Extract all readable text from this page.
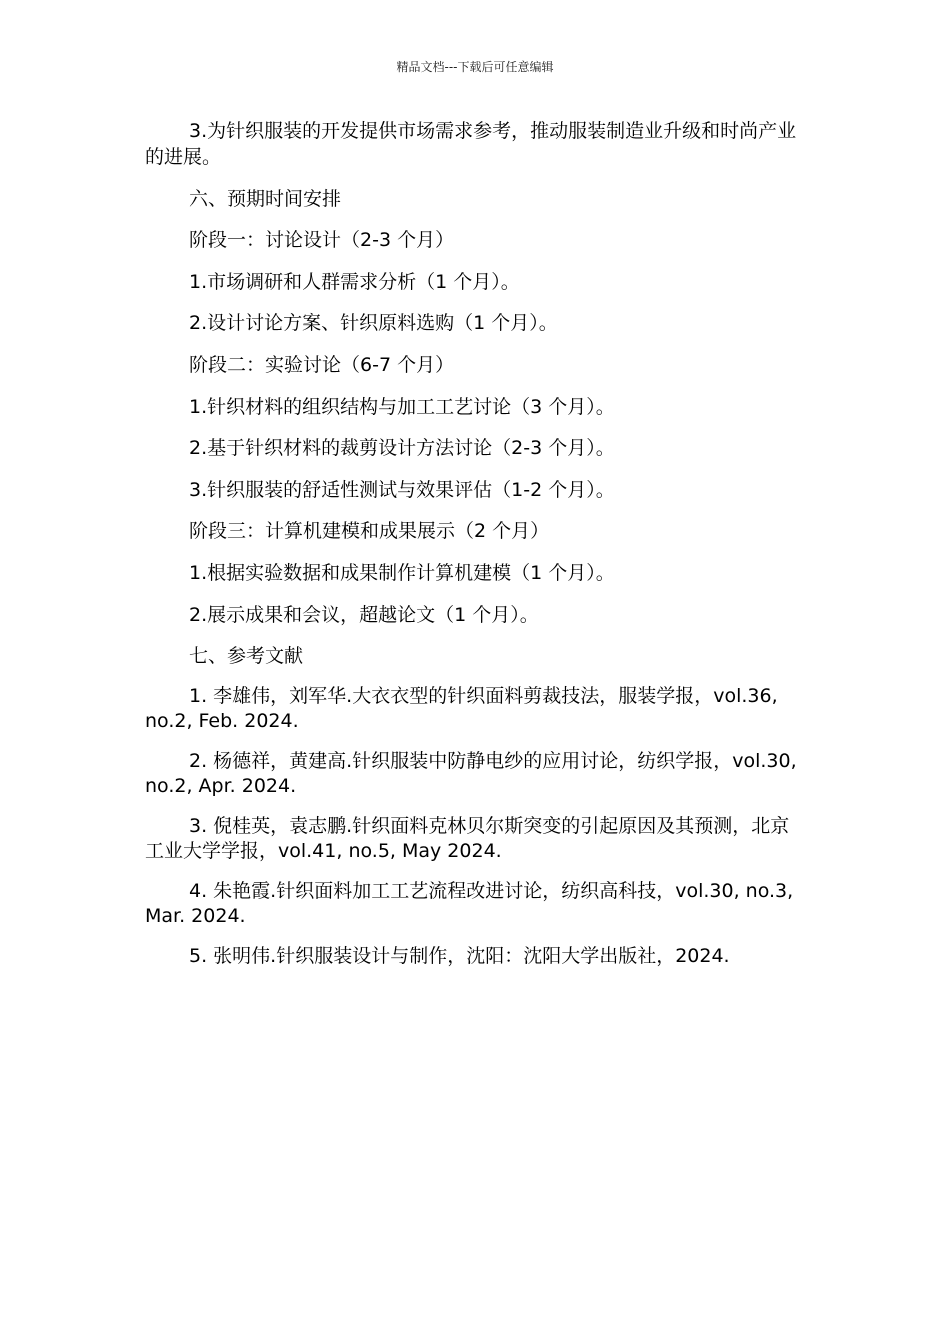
精品文档---下载后可任意编辑

3.为针织服装的开发提供市场需求参考，推动服装制造业升级和时尚产业的进展。

六、预期时间安排

阶段一：讨论设计（2-3 个月）

1.市场调研和人群需求分析（1 个月）。

2.设计讨论方案、针织原料选购（1 个月）。

阶段二：实验讨论（6-7 个月）

1.针织材料的组织结构与加工工艺讨论（3 个月）。

2.基于针织材料的裁剪设计方法讨论（2-3 个月）。

3.针织服装的舒适性测试与效果评估（1-2 个月）。

阶段三：计算机建模和成果展示（2 个月）

1.根据实验数据和成果制作计算机建模（1 个月）。

2.展示成果和会议，超越论文（1 个月）。

七、参考文献

1. 李雄伟，刘军华.大衣衣型的针织面料剪裁技法，服装学报，vol.36, no.2, Feb. 2024.

2. 杨德祥，黄建高.针织服装中防静电纱的应用讨论，纺织学报，vol.30, no.2, Apr. 2024.

3. 倪桂英，袁志鹏.针织面料克林贝尔斯突变的引起原因及其预测，北京工业大学学报，vol.41, no.5, May 2024.

4. 朱艳霞.针织面料加工工艺流程改进讨论，纺织高科技，vol.30, no.3, Mar. 2024.

5. 张明伟.针织服装设计与制作，沈阳：沈阳大学出版社，2024.
